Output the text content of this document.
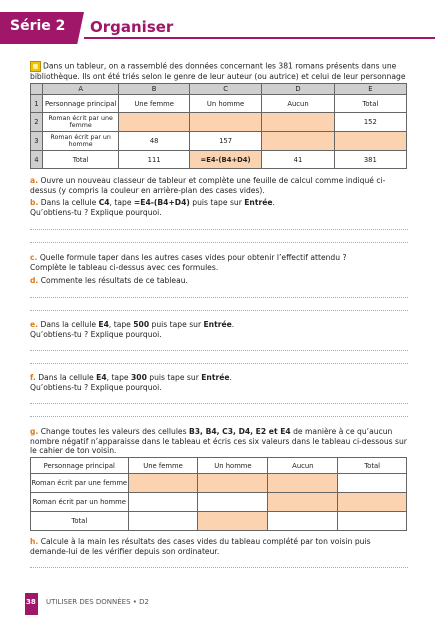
Série 2 Organiser
▦ Dans un tableur, on a rassemblé des données concernant les 381 romans présents dans une bibliothèque. Ils ont été triés selon le genre de leur auteur (ou autrice) et celui de leur personnage
	A	B	C	D	E
1	Personnage principal	Une femme	Un homme	Aucun	Total
2	Roman écrit par une femme				152
3	Roman écrit par un homme	48	157		
4	Total	111	=E4-(B4+D4)	41	381
a. Ouvre un nouveau classeur de tableur et complète une feuille de calcul comme indiqué ci-dessus (y compris la couleur en arrière-plan des cases vides).
b. Dans la cellule C4, tape =E4-(B4+D4) puis tape sur Entrée.
Qu’obtiens-tu ? Explique pourquoi.
c. Quelle formule taper dans les autres cases vides pour obtenir l’effectif attendu ?
Complète le tableau ci-dessus avec ces formules.
d. Commente les résultats de ce tableau.
e. Dans la cellule E4, tape 500 puis tape sur Entrée.
Qu’obtiens-tu ? Explique pourquoi.
f. Dans la cellule E4, tape 300 puis tape sur Entrée.
Qu’obtiens-tu ? Explique pourquoi.
g. Change toutes les valeurs des cellules B3, B4, C3, D4, E2 et E4 de manière à ce qu’aucun nombre négatif n’apparaisse dans le tableau et écris ces six valeurs dans le tableau ci-dessous sur le cahier de ton voisin.
Personnage principal	Une femme	Un homme	Aucun	Total
Roman écrit par une femme				
Roman écrit par un homme				
Total				
h. Calcule à la main les résultats des cases vides du tableau complété par ton voisin puis demande-lui de les vérifier depuis son ordinateur.
38 UTILISER DES DONNÉES • D2
